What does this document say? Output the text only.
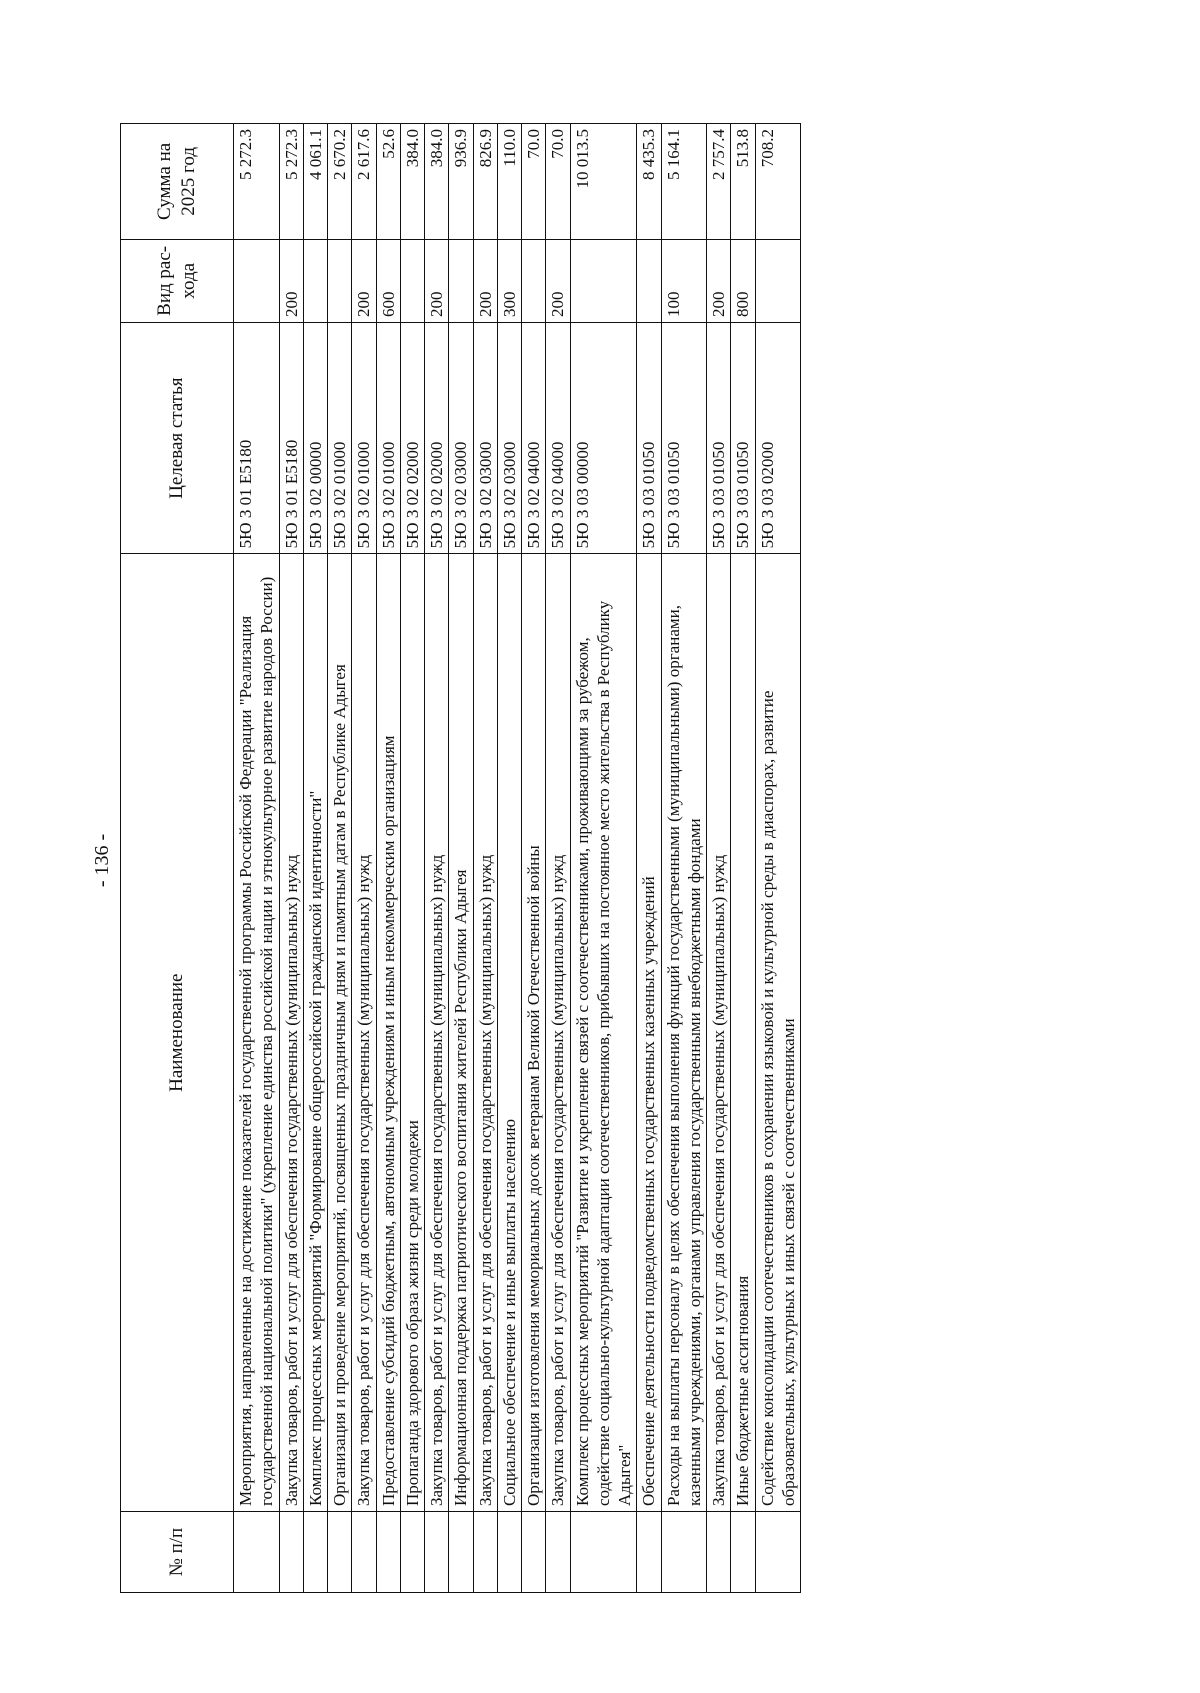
- 136 -
№ п/п	Наименование	Целевая статья	Вид рас-хода	Сумма на 2025 год
	Мероприятия, направленные на достижение показателей государственной программы Российской Федерации "Реализация государственной национальной политики" (укрепление единства российской нации и этнокультурное развитие народов России)	5Ю 3 01 E5180		5 272.3
	Закупка товаров, работ и услуг для обеспечения государственных (муниципальных) нужд	5Ю 3 01 E5180	200	5 272.3
	Комплекс процессных мероприятий "Формирование общероссийской гражданской идентичности"	5Ю 3 02 00000		4 061.1
	Организация и проведение мероприятий, посвященных праздничным дням и памятным датам в Республике Адыгея	5Ю 3 02 01000		2 670.2
	Закупка товаров, работ и услуг для обеспечения государственных (муниципальных) нужд	5Ю 3 02 01000	200	2 617.6
	Предоставление субсидий бюджетным, автономным учреждениям и иным некоммерческим организациям	5Ю 3 02 01000	600	52.6
	Пропаганда здорового образа жизни среди молодежи	5Ю 3 02 02000		384.0
	Закупка товаров, работ и услуг для обеспечения государственных (муниципальных) нужд	5Ю 3 02 02000	200	384.0
	Информационная поддержка патриотического воспитания жителей Республики Адыгея	5Ю 3 02 03000		936.9
	Закупка товаров, работ и услуг для обеспечения государственных (муниципальных) нужд	5Ю 3 02 03000	200	826.9
	Социальное обеспечение и иные выплаты населению	5Ю 3 02 03000	300	110.0
	Организация изготовления мемориальных досок ветеранам Великой Отечественной войны	5Ю 3 02 04000		70.0
	Закупка товаров, работ и услуг для обеспечения государственных (муниципальных) нужд	5Ю 3 02 04000	200	70.0
	Комплекс процессных мероприятий "Развитие и укрепление связей с соотечественниками, проживающими за рубежом, содействие социально-культурной адаптации соотечественников, прибывших на постоянное место жительства в Республику Адыгея"	5Ю 3 03 00000		10 013.5
	Обеспечение деятельности подведомственных государственных казенных учреждений	5Ю 3 03 01050		8 435.3
	Расходы на выплаты персоналу в целях обеспечения выполнения функций государственными (муниципальными) органами, казенными учреждениями, органами управления государственными внебюджетными фондами	5Ю 3 03 01050	100	5 164.1
	Закупка товаров, работ и услуг для обеспечения государственных (муниципальных) нужд	5Ю 3 03 01050	200	2 757.4
	Иные бюджетные ассигнования	5Ю 3 03 01050	800	513.8
	Содействие консолидации соотечественников в сохранении языковой и культурной среды в диаспорах, развитие образовательных, культурных и иных связей с соотечественниками	5Ю 3 03 02000		708.2
